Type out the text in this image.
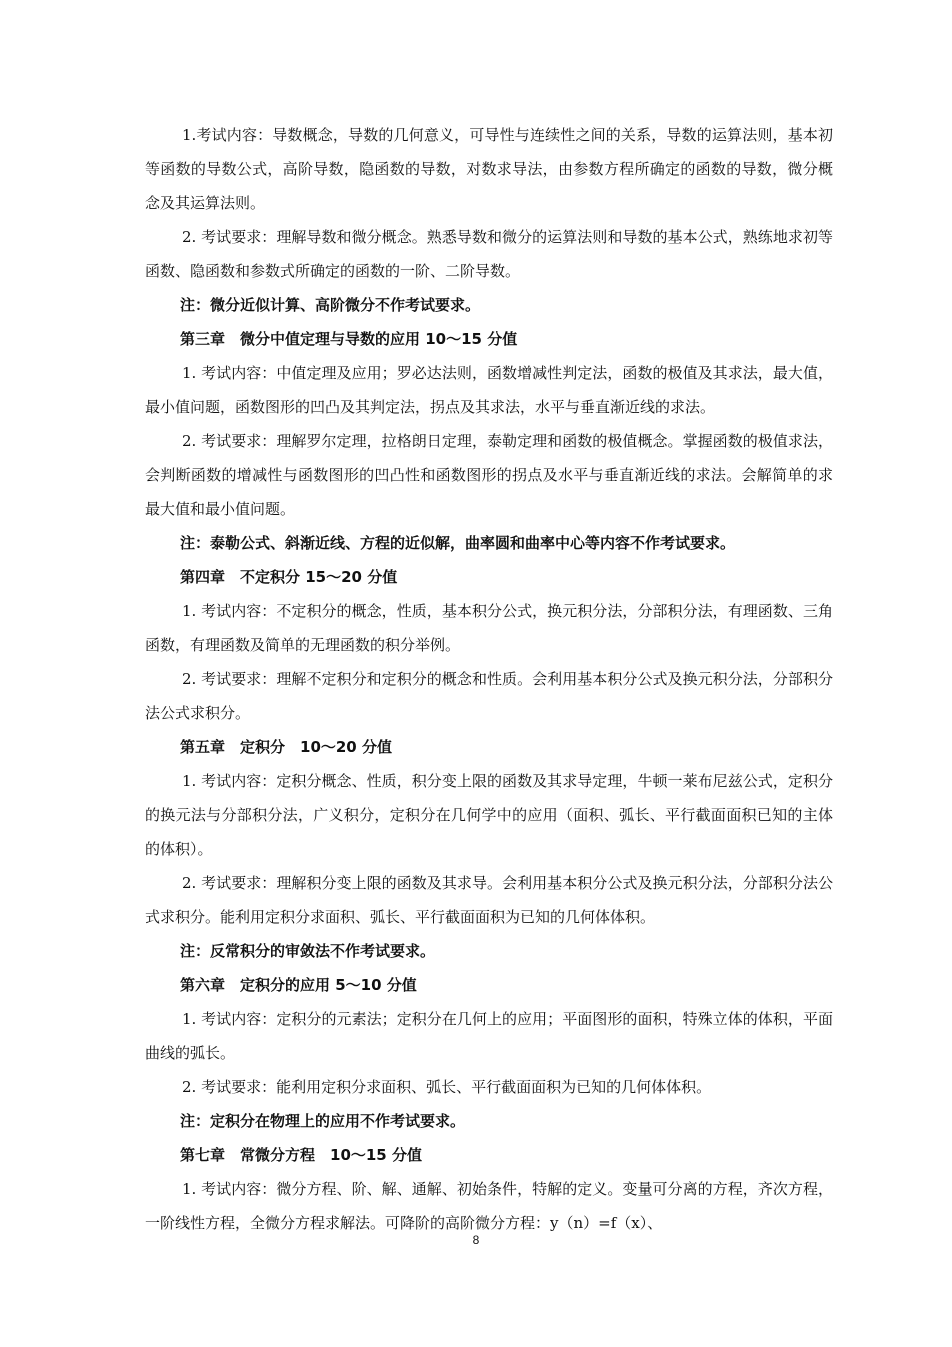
1.考试内容：导数概念，导数的几何意义，可导性与连续性之间的关系，导数的运算法则，基本初等函数的导数公式，高阶导数，隐函数的导数，对数求导法，由参数方程所确定的函数的导数，微分概念及其运算法则。

2. 考试要求：理解导数和微分概念。熟悉导数和微分的运算法则和导数的基本公式，熟练地求初等函数、隐函数和参数式所确定的函数的一阶、二阶导数。

注：微分近似计算、高阶微分不作考试要求。

第三章　微分中值定理与导数的应用 10～15 分值

1. 考试内容：中值定理及应用；罗必达法则，函数增减性判定法，函数的极值及其求法，最大值，最小值问题，函数图形的凹凸及其判定法，拐点及其求法，水平与垂直渐近线的求法。

2. 考试要求：理解罗尔定理，拉格朗日定理，泰勒定理和函数的极值概念。掌握函数的极值求法，会判断函数的增减性与函数图形的凹凸性和函数图形的拐点及水平与垂直渐近线的求法。会解简单的求最大值和最小值问题。

注：泰勒公式、斜渐近线、方程的近似解，曲率圆和曲率中心等内容不作考试要求。

第四章　不定积分 15～20 分值

1. 考试内容：不定积分的概念，性质，基本积分公式，换元积分法，分部积分法，有理函数、三角函数，有理函数及简单的无理函数的积分举例。

2. 考试要求：理解不定积分和定积分的概念和性质。会利用基本积分公式及换元积分法，分部积分法公式求积分。

第五章　定积分　10～20 分值

1. 考试内容：定积分概念、性质，积分变上限的函数及其求导定理，牛顿一莱布尼兹公式，定积分的换元法与分部积分法，广义积分，定积分在几何学中的应用（面积、弧长、平行截面面积已知的主体的体积）。

2. 考试要求：理解积分变上限的函数及其求导。会利用基本积分公式及换元积分法，分部积分法公式求积分。能利用定积分求面积、弧长、平行截面面积为已知的几何体体积。

注：反常积分的审敛法不作考试要求。

第六章　定积分的应用 5～10 分值

1. 考试内容：定积分的元素法；定积分在几何上的应用；平面图形的面积，特殊立体的体积，平面曲线的弧长。

2. 考试要求：能利用定积分求面积、弧长、平行截面面积为已知的几何体体积。

注：定积分在物理上的应用不作考试要求。

第七章　常微分方程　10～15 分值

1. 考试内容：微分方程、阶、解、通解、初始条件，特解的定义。变量可分离的方程，齐次方程，一阶线性方程，全微分方程求解法。可降阶的高阶微分方程：y（n）=f（x）、

8
